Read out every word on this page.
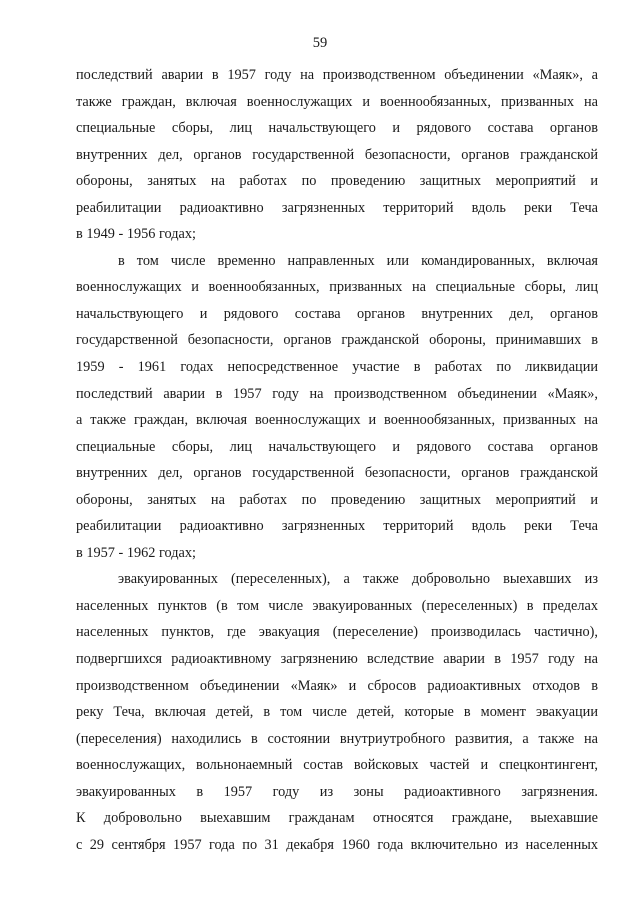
59
последствий аварии в 1957 году на производственном объединении «Маяк», а
также граждан, включая военнослужащих и военнообязанных, призванных на
специальные сборы, лиц начальствующего и рядового состава органов
внутренних дел, органов государственной безопасности, органов гражданской
обороны, занятых на работах по проведению защитных мероприятий и
реабилитации радиоактивно загрязненных территорий вдоль реки Теча
в 1949 - 1956 годах;
в том числе временно направленных или командированных, включая
военнослужащих и военнообязанных, призванных на специальные сборы, лиц
начальствующего и рядового состава органов внутренних дел, органов
государственной безопасности, органов гражданской обороны, принимавших в
1959 - 1961 годах непосредственное участие в работах по ликвидации
последствий аварии в 1957 году на производственном объединении «Маяк»,
а также граждан, включая военнослужащих и военнообязанных, призванных на
специальные сборы, лиц начальствующего и рядового состава органов
внутренних дел, органов государственной безопасности, органов гражданской
обороны, занятых на работах по проведению защитных мероприятий и
реабилитации радиоактивно загрязненных территорий вдоль реки Теча
в 1957 - 1962 годах;
эвакуированных (переселенных), а также добровольно выехавших из
населенных пунктов (в том числе эвакуированных (переселенных) в пределах
населенных пунктов, где эвакуация (переселение) производилась частично),
подвергшихся радиоактивному загрязнению вследствие аварии в 1957 году на
производственном объединении «Маяк» и сбросов радиоактивных отходов в
реку Теча, включая детей, в том числе детей, которые в момент эвакуации
(переселения) находились в состоянии внутриутробного развития, а также на
военнослужащих, вольнонаемный состав войсковых частей и спецконтингент,
эвакуированных в 1957 году из зоны радиоактивного загрязнения.
К добровольно выехавшим гражданам относятся граждане, выехавшие
с 29 сентября 1957 года по 31 декабря 1960 года включительно из населенных
